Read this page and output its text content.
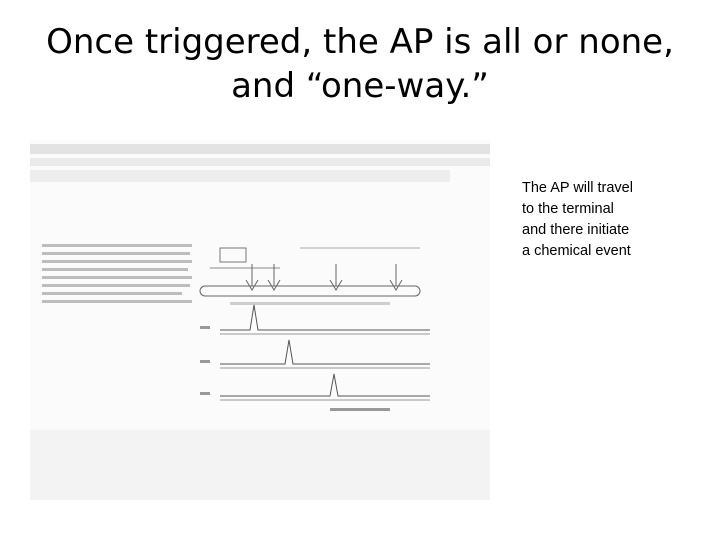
Once triggered, the AP is all or none,
and “one-way.”

The AP will travel
to the terminal
and there initiate
a chemical event
